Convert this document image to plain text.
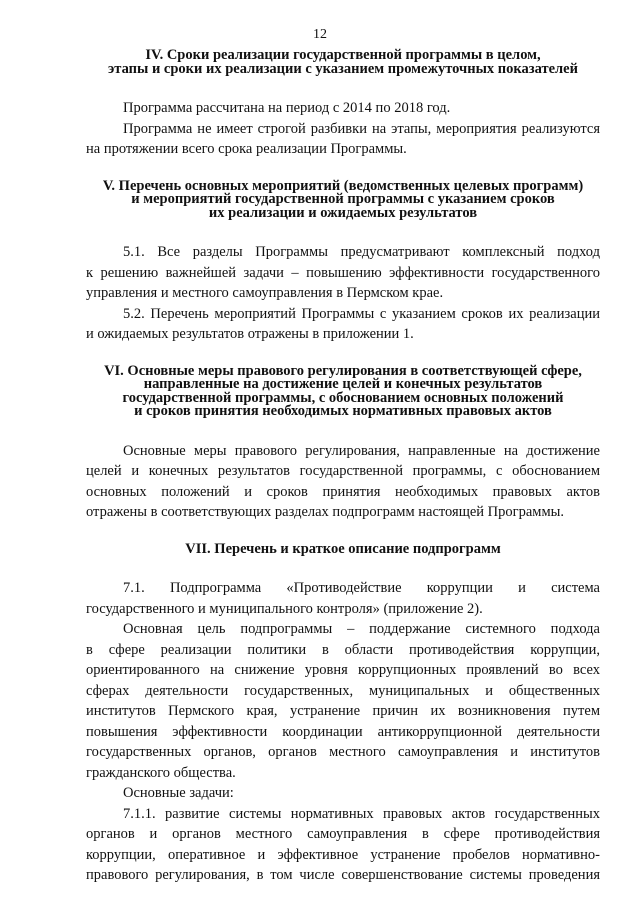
12
IV. Сроки реализации государственной программы в целом,
этапы и сроки их реализации с указанием промежуточных показателей
Программа рассчитана на период с 2014 по 2018 год.
Программа не имеет строгой разбивки на этапы, мероприятия реализуются
на протяжении всего срока реализации Программы.
V. Перечень основных мероприятий (ведомственных целевых программ)
и мероприятий государственной программы с указанием сроков
их реализации и ожидаемых результатов
5.1. Все разделы Программы предусматривают комплексный подход
к решению важнейшей задачи – повышению эффективности государственного
управления и местного самоуправления в Пермском крае.
5.2. Перечень мероприятий Программы с указанием сроков их реализации
и ожидаемых результатов отражены в приложении 1.
VI. Основные меры правового регулирования в соответствующей сфере,
направленные на достижение целей и конечных результатов
государственной программы, с обоснованием основных положений
и сроков принятия необходимых нормативных правовых актов
Основные меры правового регулирования, направленные на достижение
целей и конечных результатов государственной программы, с обоснованием
основных положений и сроков принятия необходимых правовых актов
отражены в соответствующих разделах подпрограмм настоящей Программы.
VII. Перечень и краткое описание подпрограмм
7.1. Подпрограмма «Противодействие коррупции и система
государственного и муниципального контроля» (приложение 2).
Основная цель подпрограммы – поддержание системного подхода
в сфере реализации политики в области противодействия коррупции,
ориентированного на снижение уровня коррупционных проявлений во всех
сферах деятельности государственных, муниципальных и общественных
институтов Пермского края, устранение причин их возникновения путем
повышения эффективности координации антикоррупционной деятельности
государственных органов, органов местного самоуправления и институтов
гражданского общества.
Основные задачи:
7.1.1. развитие системы нормативных правовых актов государственных
органов и органов местного самоуправления в сфере противодействия
коррупции, оперативное и эффективное устранение пробелов нормативно-
правового регулирования, в том числе совершенствование системы проведения
